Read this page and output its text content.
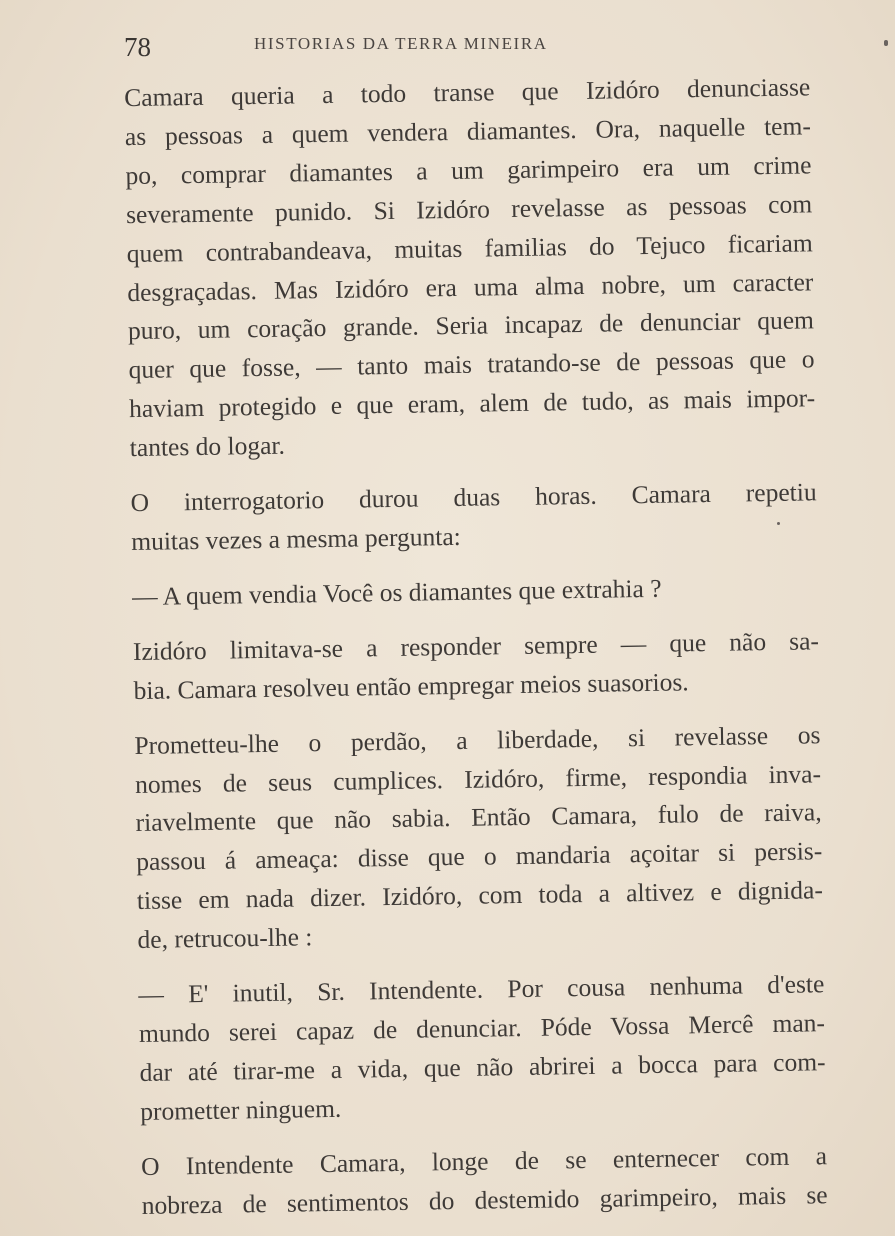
78	HISTORIAS DA TERRA MINEIRA

Camara queria a todo transe que Izidóro denunciasse
as pessoas a quem vendera diamantes. Ora, naquelle tem-
po, comprar diamantes a um garimpeiro era um crime
severamente punido. Si Izidóro revelasse as pessoas com
quem contrabandeava, muitas familias do Tejuco ficariam
desgraçadas. Mas Izidóro era uma alma nobre, um caracter
puro, um coração grande. Seria incapaz de denunciar quem
quer que fosse, — tanto mais tratando-se de pessoas que o
haviam protegido e que eram, alem de tudo, as mais impor-
tantes do logar.

O interrogatorio durou duas horas. Camara repetiu
muitas vezes a mesma pergunta:

— A quem vendia Você os diamantes que extrahia ?

Izidóro limitava-se a responder sempre — que não sa-
bia. Camara resolveu então empregar meios suasorios.

Prometteu-lhe o perdão, a liberdade, si revelasse os
nomes de seus cumplices. Izidóro, firme, respondia inva-
riavelmente que não sabia. Então Camara, fulo de raiva,
passou á ameaça: disse que o mandaria açoitar si persis-
tisse em nada dizer. Izidóro, com toda a altivez e dignida-
de, retrucou-lhe :

— E' inutil, Sr. Intendente. Por cousa nenhuma d'este
mundo serei capaz de denunciar. Póde Vossa Mercê man-
dar até tirar-me a vida, que não abrirei a bocca para com-
prometter ninguem.

O Intendente Camara, longe de se enternecer com a
nobreza de sentimentos do destemido garimpeiro, mais se
